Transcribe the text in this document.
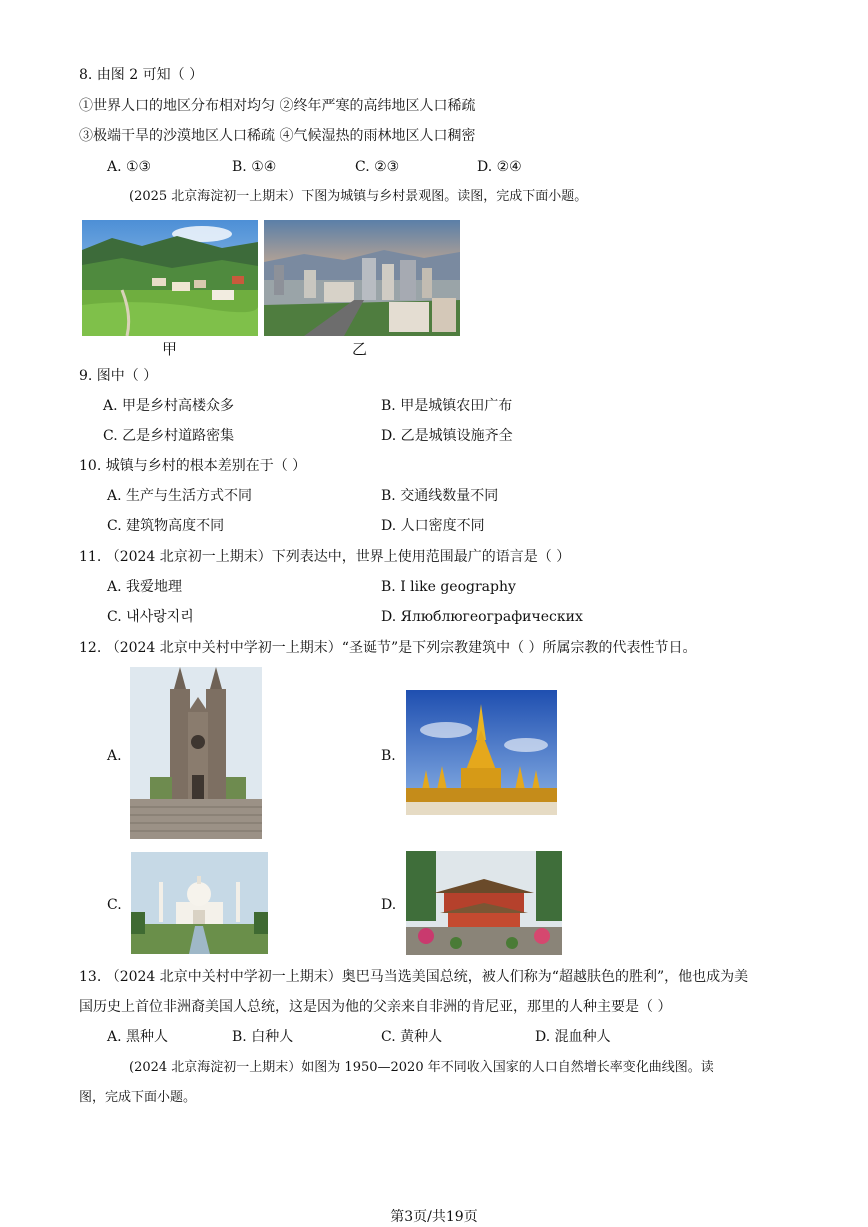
8. 由图 2 可知（ ）
①世界人口的地区分布相对均匀 ②终年严寒的高纬地区人口稀疏
③极端干旱的沙漠地区人口稀疏 ④气候湿热的雨林地区人口稠密
A. ①③	B. ①④	C. ②③	D. ②④
(2025 北京海淀初一上期末）下图为城镇与乡村景观图。读图，完成下面小题。
甲	乙
9. 图中（ ）
A. 甲是乡村高楼众多	B. 甲是城镇农田广布
C. 乙是乡村道路密集	D. 乙是城镇设施齐全
10. 城镇与乡村的根本差别在于（ ）
A. 生产与生活方式不同	B. 交通线数量不同
C. 建筑物高度不同	D. 人口密度不同
11. （2024 北京初一上期末）下列表达中，世界上使用范围最广的语言是（ ）
A. 我爱地理	B. I like geography
C. 내사랑지리	D. Ялюблюгеографических
12. （2024 北京中关村中学初一上期末）“圣诞节”是下列宗教建筑中（ ）所属宗教的代表性节日。
A.	B.
C.	D.
13. （2024 北京中关村中学初一上期末）奥巴马当选美国总统，被人们称为“超越肤色的胜利”，他也成为美
国历史上首位非洲裔美国人总统，这是因为他的父亲来自非洲的肯尼亚，那里的人种主要是（ ）
A. 黑种人	B. 白种人	C. 黄种人	D. 混血种人
(2024 北京海淀初一上期末）如图为 1950—2020 年不同收入国家的人口自然增长率变化曲线图。读
图，完成下面小题。
第3页/共19页
